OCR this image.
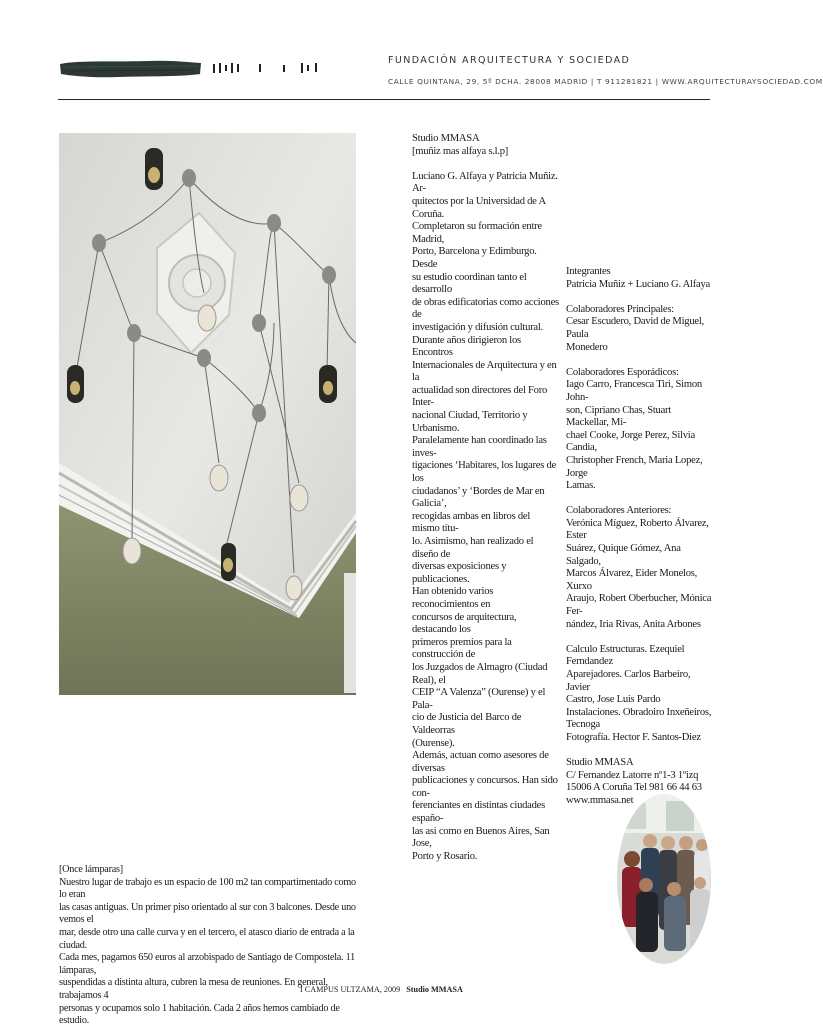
FUNDACIÓN ARQUITECTURA Y SOCIEDAD
CALLE QUINTANA, 29, 5º DCHA. 28008 MADRID | T 911281821 | WWW.ARQUITECTURAYSOCIEDAD.COM

Studio MMASA

[muñiz mas alfaya s.l.p]

Luciano G. Alfaya y Patricia Muñiz. Ar-

quitectos por la Universidad de A Coruña.

Completaron su formación entre Madrid,

Porto, Barcelona y Edimburgo. Desde

su estudio coordinan tanto el desarrollo

de obras edificatorias como acciones de

investigación y difusión cultural.

Durante años dirigieron los Encontros

Internacionales de Arquitectura y en la

actualidad son directores del Foro Inter-

nacional Ciudad, Territorio y Urbanismo.

Paralelamente han coordinado las inves-

tigaciones ‘Habitares, los lugares de los

ciudadanos’ y ‘Bordes de Mar en Galicia’,

recogidas ambas en libros del mismo títu-

lo. Asimismo, han realizado el diseño de

diversas exposiciones y publicaciones.

Han obtenido varios reconocimientos en

concursos de arquitectura, destacando los

primeros premios para la construcción de

los Juzgados de Almagro (Ciudad Real), el

CEIP “A Valenza” (Ourense) y el Pala-

cio de Justicia del Barco de Valdeorras

(Ourense).

Además, actuan como asesores de diversas

publicaciones y concursos. Han sido con-

ferenciantes en distintas ciudades españo-

las asi como en Buenos Aires, San Jose,

Porto y Rosario.

Integrantes

Patricia Muñiz + Luciano G. Alfaya

Colaboradores Principales:

Cesar Escudero, David de Miguel, Paula

Monedero

Colaboradores Esporádicos:

Iago Carro, Francesca Tiri, Simon John-

son, Cipriano Chas, Stuart Mackellar, Mi-

chael Cooke, Jorge Perez, Silvia Candia,

Christopher French, Maria Lopez, Jorge

Lamas.

Colaboradores Anteriores:

Verónica Míguez, Roberto Álvarez, Ester

Suárez, Quique Gómez, Ana Salgado,

Marcos Álvarez, Eider Monelos, Xurxo

Araujo, Robert Oberbucher, Mónica Fer-

nández, Iria Rivas, Anita Arbones

Calculo Estructuras. Ezequiel Ferndandez

Aparejadores. Carlos Barbeiro, Javier

Castro, Jose Luis Pardo

Instalaciones. Obradoiro Inxeñeiros,

Tecnoga

Fotografía. Hector F. Santos-Diez

Studio MMASA

C/ Fernandez Latorre nº1-3 1ºizq

15006 A Coruña Tel 981 66 44 63

www.mmasa.net

[Once lámparas]

Nuestro lugar de trabajo es un espacio de 100 m2 tan compartimentado como lo eran

las casas antiguas. Un primer piso orientado al sur con 3 balcones. Desde uno vemos el

mar, desde otro una calle curva y en el tercero, el atasco diario de entrada a la ciudad.

Cada mes, pagamos 650 euros al arzobispado de Santiago de Compostela. 11 lámparas,

suspendidas a distinta altura, cubren la mesa de reuniones. En general, trabajamos 4

personas y ocupamos solo 1 habitación. Cada 2 años hemos cambiado de estudio.

I CAMPUS ULTZAMA, 2009 Studio MMASA
